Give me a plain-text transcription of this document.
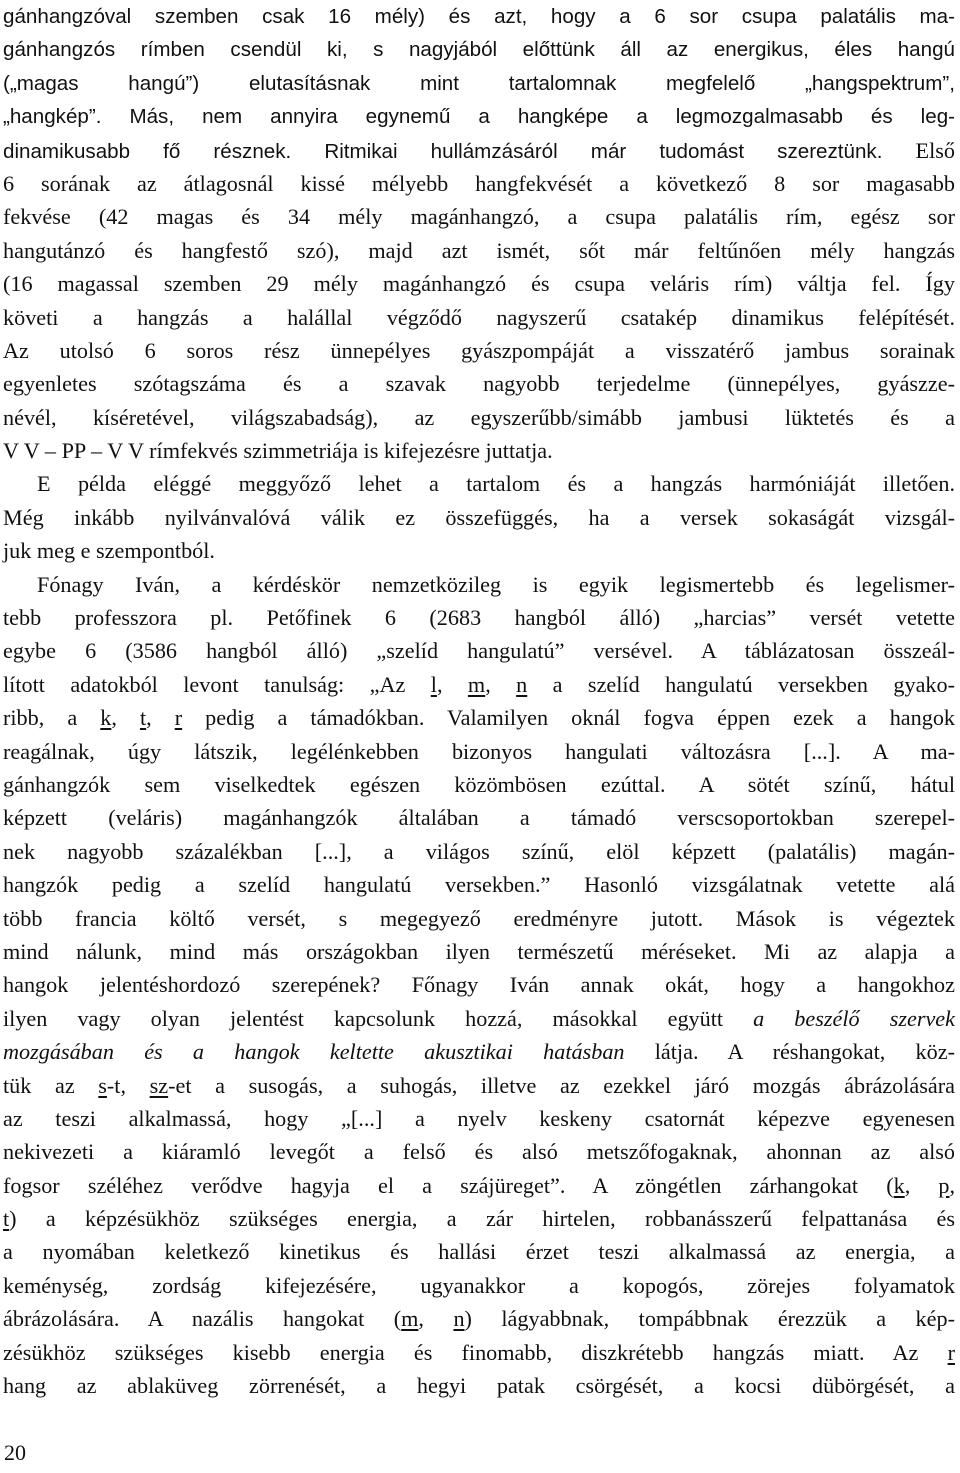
gánhangzóval szemben csak 16 mély) és azt, hogy a 6 sor csupa palatális ma-
gánhangzós rímben csendül ki, s nagyjából előttünk áll az energikus, éles hangú
(„magas hangú”) elutasításnak mint tartalomnak megfelelő „hangspektrum”,
„hangkép”. Más, nem annyira egynemű a hangképe a legmozgalmasabb és leg-
dinamikusabb fő résznek. Ritmikai hullámzásáról már tudomást szereztünk. Első
6 sorának az átlagosnál kissé mélyebb hangfekvését a következő 8 sor magasabb
fekvése (42 magas és 34 mély magánhangzó, a csupa palatális rím, egész sor
hangutánzó és hangfestő szó), majd azt ismét, sőt már feltűnően mély hangzás
(16 magassal szemben 29 mély magánhangzó és csupa veláris rím) váltja fel. Így
követi a hangzás a halállal végződő nagyszerű csatakép dinamikus felépítését.
Az utolsó 6 soros rész ünnepélyes gyászpompáját a visszatérő jambus sorainak
egyenletes szótagszáma és a szavak nagyobb terjedelme (ünnepélyes, gyászze-
névél, kíséretével, világszabadság), az egyszerűbb/simább jambusi lüktetés és a
V V – PP – V V rímfekvés szimmetriája is kifejezésre juttatja.
E példa eléggé meggyőző lehet a tartalom és a hangzás harmóniáját illetően.
Még inkább nyilvánvalóvá válik ez összefüggés, ha a versek sokaságát vizsgál-
juk meg e szempontból.
Fónagy Iván, a kérdéskör nemzetközileg is egyik legismertebb és legelismer-
tebb professzora pl. Petőfinek 6 (2683 hangból álló) „harcias” versét vetette
egybe 6 (3586 hangból álló) „szelíd hangulatú” versével. A táblázatosan összeál-
lított adatokból levont tanulság: „Az l, m, n a szelíd hangulatú versekben gyako-
ribb, a k, t, r pedig a támadókban. Valamilyen oknál fogva éppen ezek a hangok
reagálnak, úgy látszik, legélénkebben bizonyos hangulati változásra [...]. A ma-
gánhangzók sem viselkedtek egészen közömbösen ezúttal. A sötét színű, hátul
képzett (veláris) magánhangzók általában a támadó verscsoportokban szerepel-
nek nagyobb százalékban [...], a világos színű, elöl képzett (palatális) magán-
hangzók pedig a szelíd hangulatú versekben.” Hasonló vizsgálatnak vetette alá
több francia költő versét, s megegyező eredményre jutott. Mások is végeztek
mind nálunk, mind más országokban ilyen természetű méréseket. Mi az alapja a
hangok jelentéshordozó szerepének? Főnagy Iván annak okát, hogy a hangokhoz
ilyen vagy olyan jelentést kapcsolunk hozzá, másokkal együtt a beszélő szervek
mozgásában és a hangok keltette akusztikai hatásban látja. A réshangokat, köz-
tük az s-t, sz-et a susogás, a suhogás, illetve az ezekkel járó mozgás ábrázolására
az teszi alkalmassá, hogy „[...] a nyelv keskeny csatornát képezve egyenesen
nekivezeti a kiáramló levegőt a felső és alsó metszőfogaknak, ahonnan az alsó
fogsor széléhez verődve hagyja el a szájüreget”. A zöngétlen zárhangokat (k, p,
t) a képzésükhöz szükséges energia, a zár hirtelen, robbanásszerű felpattanása és
a nyomában keletkező kinetikus és hallási érzet teszi alkalmassá az energia, a
keménység, zordság kifejezésére, ugyanakkor a kopogós, zörejes folyamatok
ábrázolására. A nazális hangokat (m, n) lágyabbnak, tompábbnak érezzük a kép-
zésükhöz szükséges kisebb energia és finomabb, diszkrétebb hangzás miatt. Az r
hang az ablaküveg zörrenését, a hegyi patak csörgését, a kocsi dübörgését, a
20
